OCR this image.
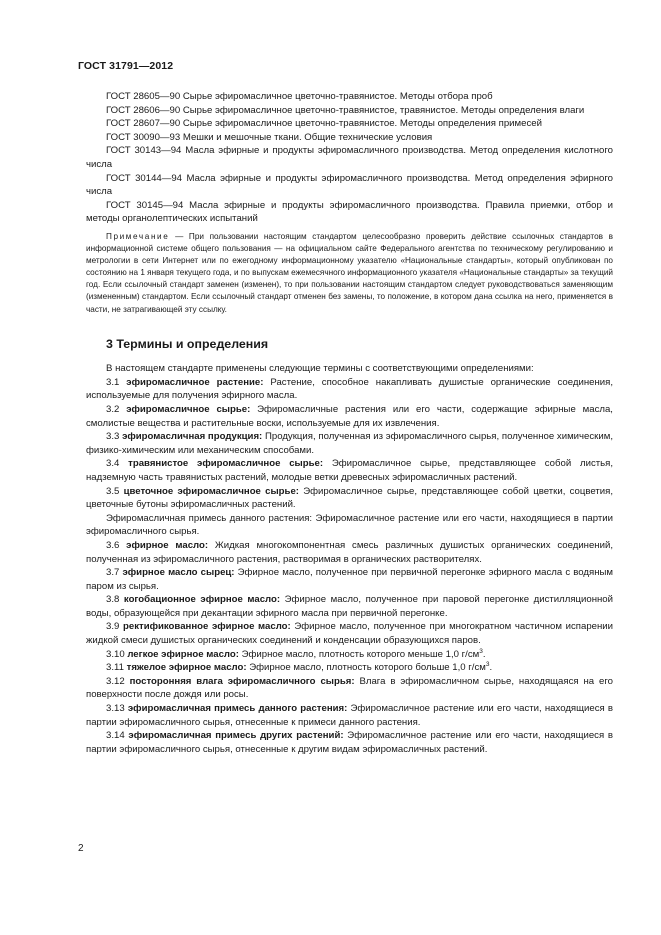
ГОСТ 31791—2012

ГОСТ 28605—90 Сырье эфиромасличное цветочно-травянистое. Методы отбора проб

ГОСТ 28606—90 Сырье эфиромасличное цветочно-травянистое, травянистое. Методы определения влаги

ГОСТ 28607—90 Сырье эфиромасличное цветочно-травянистое. Методы определения примесей

ГОСТ 30090—93 Мешки и мешочные ткани. Общие технические условия

ГОСТ 30143—94 Масла эфирные и продукты эфиромасличного производства. Метод определения кислотного числа

ГОСТ 30144—94 Масла эфирные и продукты эфиромасличного производства. Метод определения эфирного числа

ГОСТ 30145—94 Масла эфирные и продукты эфиромасличного производства. Правила приемки, отбор и методы органолептических испытаний

Примечание — При пользовании настоящим стандартом целесообразно проверить действие ссылочных стандартов в информационной системе общего пользования — на официальном сайте Федерального агентства по техническому регулированию и метрологии в сети Интернет или по ежегодному информационному указателю «Национальные стандарты», который опубликован по состоянию на 1 января текущего года, и по выпускам ежемесячного информационного указателя «Национальные стандарты» за текущий год. Если ссылочный стандарт заменен (изменен), то при пользовании настоящим стандартом следует руководствоваться заменяющим (измененным) стандартом. Если ссылочный стандарт отменен без замены, то положение, в котором дана ссылка на него, применяется в части, не затрагивающей эту ссылку.

3 Термины и определения

В настоящем стандарте применены следующие термины с соответствующими определениями:

3.1 эфиромасличное растение: Растение, способное накапливать душистые органические соединения, используемые для получения эфирного масла.

3.2 эфиромасличное сырье: Эфиромасличные растения или его части, содержащие эфирные масла, смолистые вещества и растительные воски, используемые для их извлечения.

3.3 эфиромасличная продукция: Продукция, полученная из эфиромасличного сырья, полученное химическим, физико-химическим или механическим способами.

3.4 травянистое эфиромасличное сырье: Эфиромасличное сырье, представляющее собой листья, надземную часть травянистых растений, молодые ветки древесных эфиромасличных растений.

3.5 цветочное эфиромасличное сырье: Эфиромасличное сырье, представляющее собой цветки, соцветия, цветочные бутоны эфиромасличных растений.

Эфиромасличная примесь данного растения: Эфиромасличное растение или его части, находящиеся в партии эфиромасличного сырья.

3.6 эфирное масло: Жидкая многокомпонентная смесь различных душистых органических соединений, полученная из эфиромасличного растения, растворимая в органических растворителях.

3.7 эфирное масло сырец: Эфирное масло, полученное при первичной перегонке эфирного масла с водяным паром из сырья.

3.8 когобационное эфирное масло: Эфирное масло, полученное при паровой перегонке дистилляционной воды, образующейся при декантации эфирного масла при первичной перегонке.

3.9 ректификованное эфирное масло: Эфирное масло, полученное при многократном частичном испарении жидкой смеси душистых органических соединений и конденсации образующихся паров.

3.10 легкое эфирное масло: Эфирное масло, плотность которого меньше 1,0 $г/см^3$.

3.11 тяжелое эфирное масло: Эфирное масло, плотность которого больше 1,0 $г/см^3$.

3.12 посторонняя влага эфиромасличного сырья: Влага в эфиромасличном сырье, находящаяся на его поверхности после дождя или росы.

3.13 эфиромасличная примесь данного растения: Эфиромасличное растение или его части, находящиеся в партии эфиромасличного сырья, отнесенные к примеси данного растения.

3.14 эфиромасличная примесь других растений: Эфиромасличное растение или его части, находящиеся в партии эфиромасличного сырья, отнесенные к другим видам эфиромасличных растений.

2
